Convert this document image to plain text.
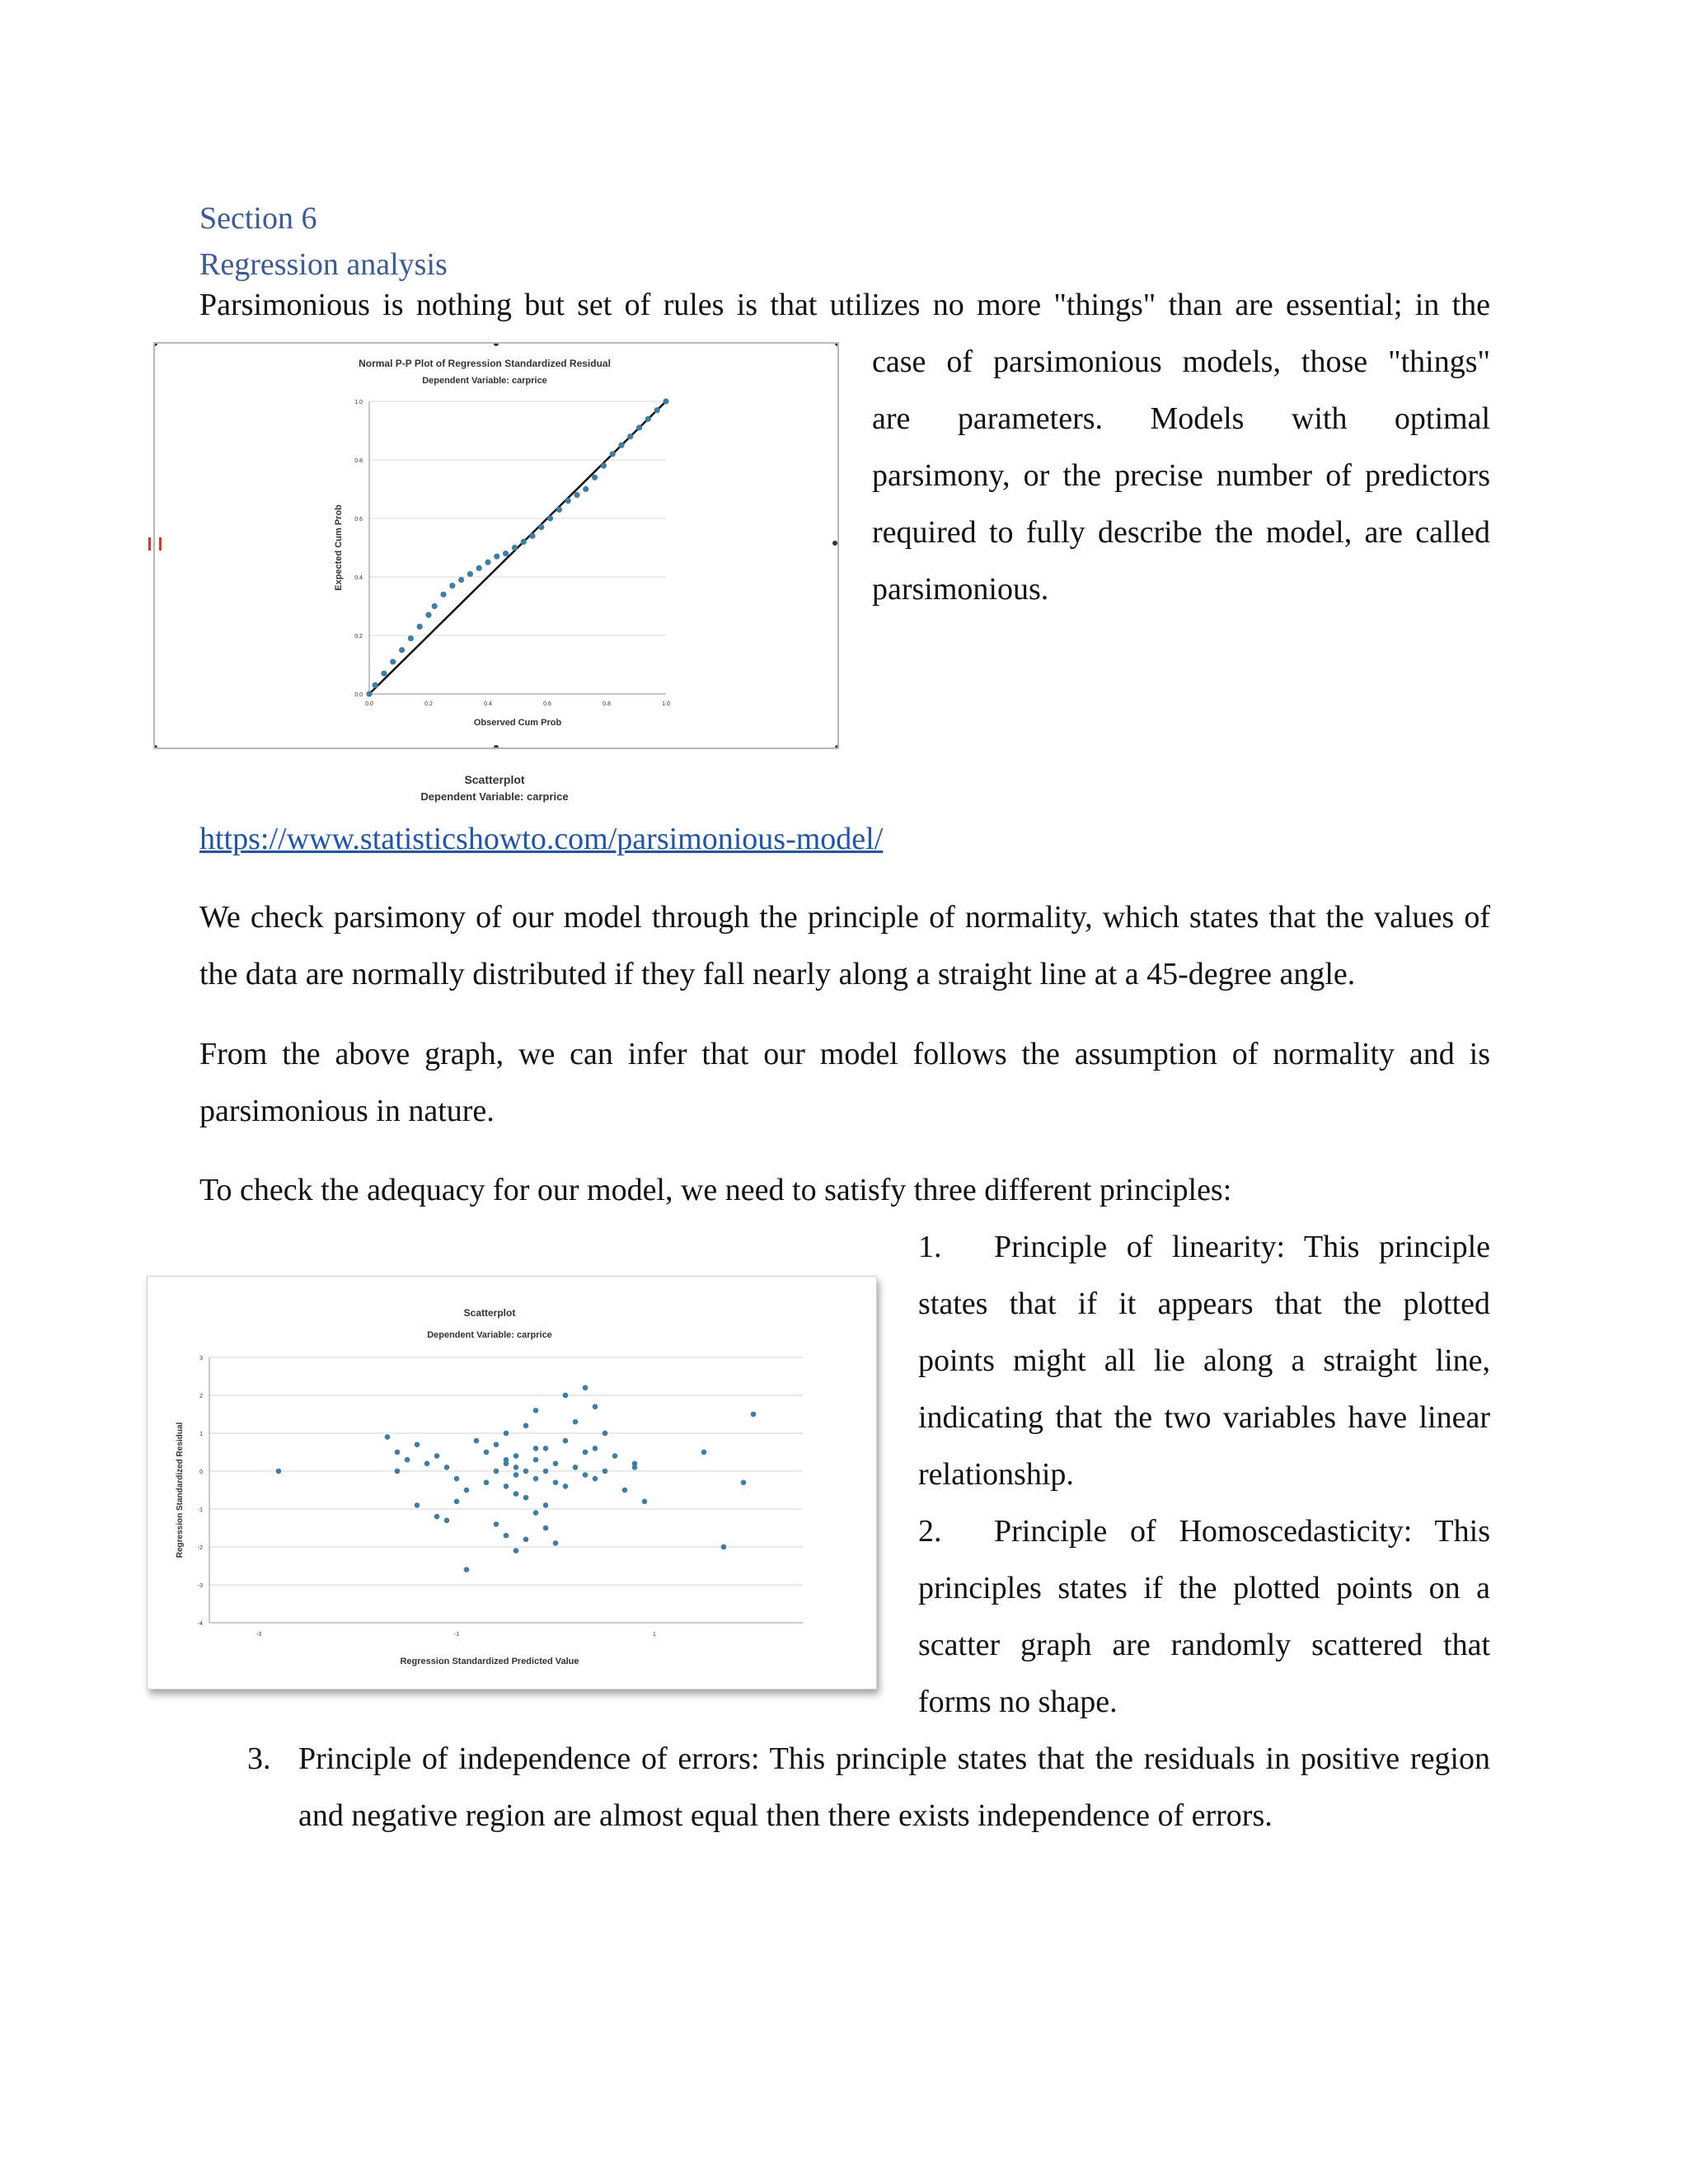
Section 6
Regression analysis
Parsimonious is nothing but set of rules is that utilizes no more "things" than are essential; in the
Normal P-P Plot of Regression Standardized Residual
Dependent Variable: carprice
0.0
0.2
0.4
0.6
0.8
1.0
0.0	0.2	0.4	0.6	0.8	1.0
Observed Cum Prob
Expected Cum Prob
Scatterplot
Dependent Variable: carprice
case of parsimonious models, those "things"
are parameters. Models with optimal
parsimony, or the precise number of predictors
required to fully describe the model, are called
parsimonious.
https://www.statisticshowto.com/parsimonious-model/
We check parsimony of our model through the principle of normality, which states that the values of the data are normally distributed if they fall nearly along a straight line at a 45-degree angle.
From the above graph, we can infer that our model follows the assumption of normality and is parsimonious in nature.
To check the adequacy for our model, we need to satisfy three different principles:
Scatterplot
Dependent Variable: carprice
-4
-3
-2
-1
0
1
2
3
-3	-1	1
Regression Standardized Predicted Value
Regression Standardized Residual
1. Principle of linearity: This principle
states that if it appears that the plotted
points might all lie along a straight line,
indicating that the two variables have linear
relationship.
2. Principle of Homoscedasticity: This
principles states if the plotted points on a
scatter graph are randomly scattered that
forms no shape.
3. Principle of independence of errors: This principle states that the residuals in positive region and negative region are almost equal then there exists independence of errors.
